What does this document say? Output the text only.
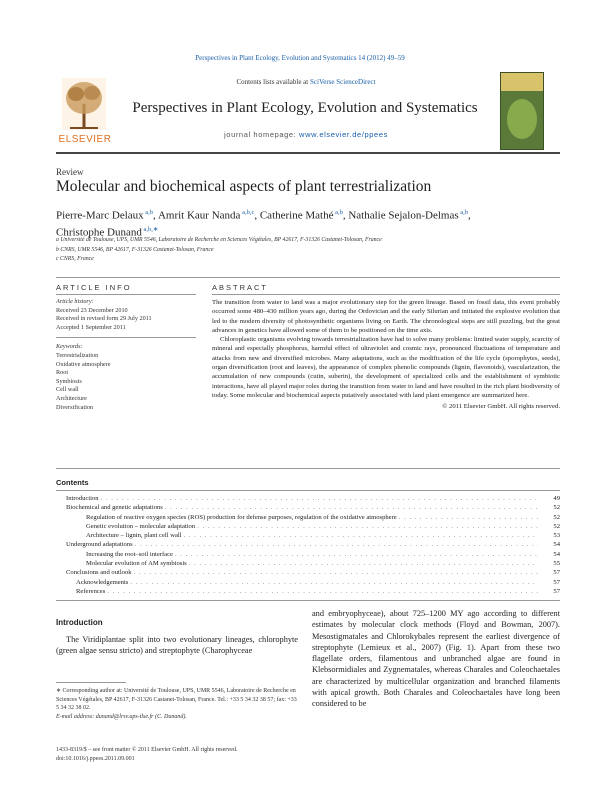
Perspectives in Plant Ecology, Evolution and Systematics 14 (2012) 49–59
ELSEVIER
Contents lists available at SciVerse ScienceDirect
Perspectives in Plant Ecology, Evolution and Systematics
journal homepage: www.elsevier.de/ppees
Review
Molecular and biochemical aspects of plant terrestrialization
Pierre-Marc Delaux $^{a,b}$, Amrit Kaur Nanda $^{a,b,c}$, Catherine Mathé $^{a,b}$, Nathalie Sejalon-Delmas $^{a,b}$,
Christophe Dunand $^{a,b,∗}$
a Université de Toulouse, UPS, UMR 5546, Laboratoire de Recherche en Sciences Végétales, BP 42617, F-31326 Castanet-Tolosan, France
b CNRS, UMR 5546, BP 42617, F-31326 Castanet-Tolosan, France
c CNRS, France
ARTICLE INFO	ABSTRACT
Article history:
Received 23 December 2010
Received in revised form 29 July 2011
Accepted 1 September 2011
Keywords:
Terrestrialization
Oxidative atmosphere
Root
Symbiosis
Cell wall
Architecture
Diversification

The transition from water to land was a major evolutionary step for the green lineage. Based on fossil data, this event probably occurred some 480–430 million years ago, during the Ordovician and the early Silurian and initiated the explosive evolution that led to the modern diversity of photosynthetic organisms living on Earth. The chronological steps are still puzzling, but the great advances in genetics have allowed some of them to be positioned on the time axis.

Chloroplastic organisms evolving towards terrestrialization have had to solve many problems: limited water supply, scarcity of mineral and especially phosphorus, harmful effect of ultraviolet and cosmic rays, pronounced fluctuations of temperature and attacks from new and diversified microbes. Many adaptations, such as the modification of the life cycle (sporophytes, seeds), organ diversification (root and leaves), the appearance of complex phenolic compounds (lignin, flavonoids), vascularization, the accumulation of new compounds (cutin, suberin), the development of specialized cells and the establishment of symbiotic interactions, have all played major roles during the transition from water to land and have resulted in the rich plant biodiversity of today. Some molecular and biochemical aspects putatively associated with land plant emergence are summarized here.

© 2011 Elsevier GmbH. All rights reserved.
Contents
Introduction . . .	49
Biochemical and genetic adaptations . . .	52
Regulation of reactive oxygen species (ROS) production for defense purposes, regulation of the oxidative atmosphere . . .	52
Genetic evolution – molecular adaptation . . .	52
Architecture – lignin, plant cell wall . . .	53
Underground adaptations . . .	54
Increasing the root–soil interface . . .	54
Molecular evolution of AM symbiosis . . .	55
Conclusions and outlook . . .	57
Acknowledgements . . .	57
References . . .	57
Introduction
The Viridiplantae split into two evolutionary lineages, chlorophyte (green algae sensu stricto) and streptophyte (Charophyceae
and embryophyceae), about 725–1200 MY ago according to different estimates by molecular clock methods (Floyd and Bowman, 2007). Mesostigmatales and Chlorokybales represent the earliest divergence of streptophyte (Lemieux et al., 2007) (Fig. 1). Apart from these two flagellate orders, filamentous and unbranched algae are found in Klebsormidiales and Zygnematales, whereas Charales and Coleochaetales are characterized by multicellular organization and branched filaments with apical growth. Both Charales and Coleochaetales have long been considered to be

∗ Corresponding author at: Université de Toulouse, UPS, UMR 5546, Laboratoire de Recherche en Sciences Végétales, BP 42617, F-31326 Castanet-Tolosan, France. Tel.: +33 5 34 32 38 57; fax: +33 5 34 32 38 02.

E-mail address: dunand@lrsv.ups-tlse.fr (C. Dunand).

1433-8319/$ – see front matter © 2011 Elsevier GmbH. All rights reserved.
doi:10.1016/j.ppees.2011.09.001
